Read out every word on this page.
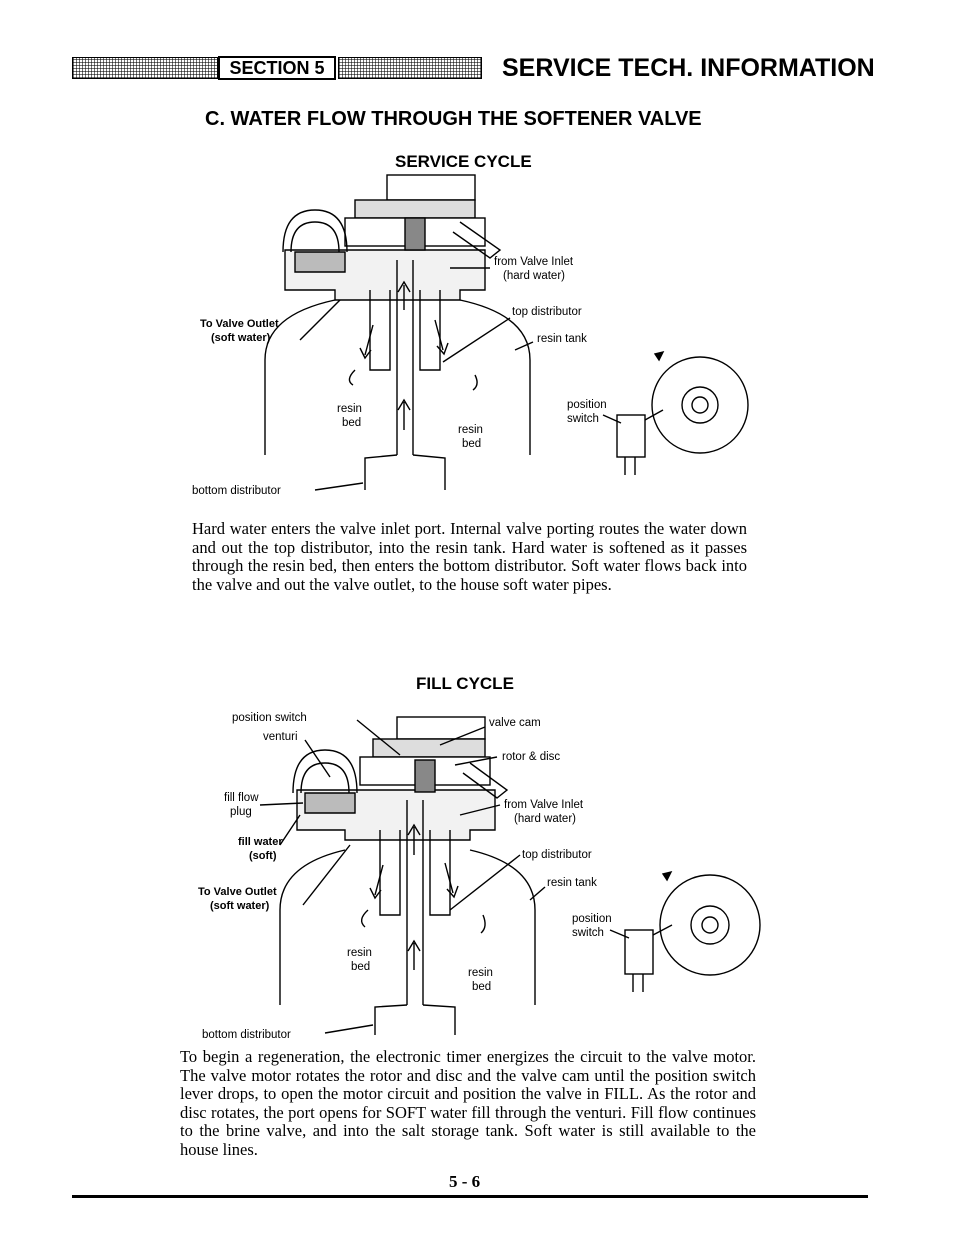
SECTION 5	SERVICE TECH. INFORMATION
C. WATER FLOW THROUGH THE SOFTENER VALVE
SERVICE CYCLE
from Valve Inlet
(hard water)
top distributor
resin tank
To Valve Outlet
(soft water)
resin
bed
resin
bed
position
switch
bottom distributor

Hard water enters the valve inlet port. Internal valve porting routes the water down and out the top distributor, into the resin tank. Hard water is softened as it passes through the resin bed, then enters the bottom distributor. Soft water flows back into the valve and out the valve outlet, to the house soft water pipes.

FILL CYCLE
position switch
venturi
valve cam
rotor & disc
fill flow
plug
fill water
(soft)
from Valve Inlet
(hard water)
top distributor
resin tank
To Valve Outlet
(soft water)
resin
bed	resin
bed
position
switch
bottom distributor

To begin a regeneration, the electronic timer energizes the circuit to the valve motor. The valve motor rotates the rotor and disc and the valve cam until the position switch lever drops, to open the motor circuit and position the valve in FILL. As the rotor and disc rotates, the port opens for SOFT water fill through the venturi. Fill flow continues to the brine valve, and into the salt storage tank. Soft water is still available to the house lines.

5 - 6
